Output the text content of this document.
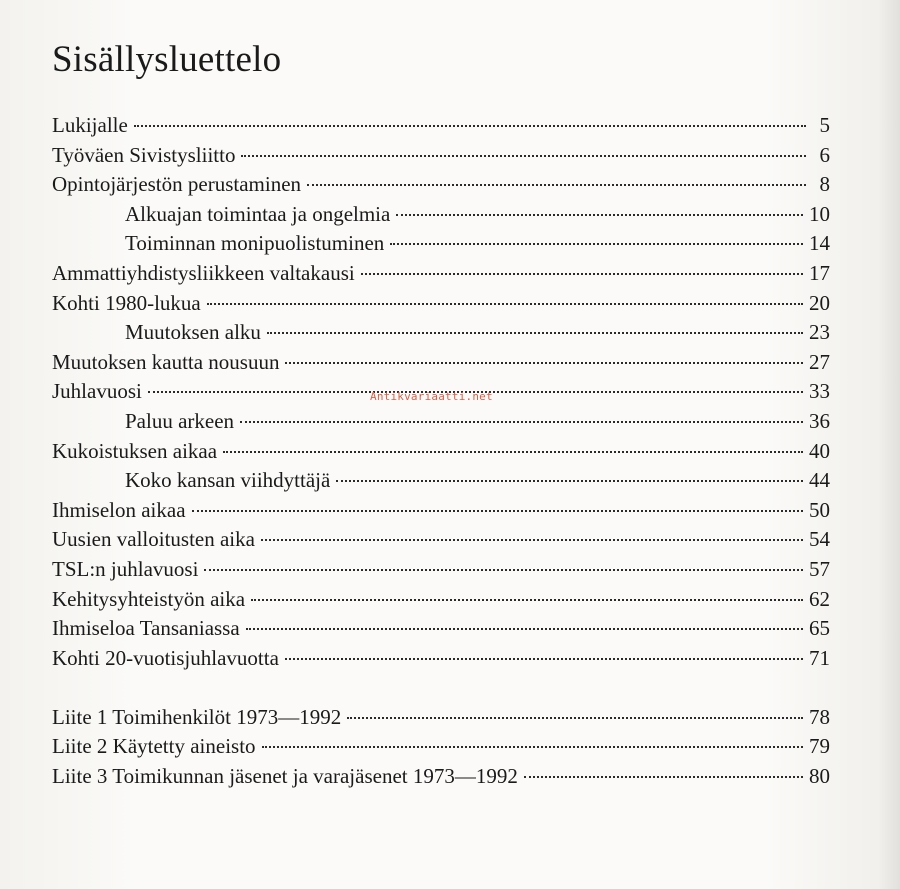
Sisällysluettelo
Lukijalle	5
Työväen Sivistysliitto	6
Opintojärjestön perustaminen	8
Alkuajan toimintaa ja ongelmia	10
Toiminnan monipuolistuminen	14
Ammattiyhdistysliikkeen valtakausi	17
Kohti 1980-lukua	20
Muutoksen alku	23
Muutoksen kautta nousuun	27
Juhlavuosi	33
Paluu arkeen	36
Kukoistuksen aikaa	40
Koko kansan viihdyttäjä	44
Ihmiselon aikaa	50
Uusien valloitusten aika	54
TSL:n juhlavuosi	57
Kehitysyhteistyön aika	62
Ihmiseloa Tansaniassa	65
Kohti 20-vuotisjuhlavuotta	71
Liite 1 Toimihenkilöt 1973—1992	78
Liite 2 Käytetty aineisto	79
Liite 3 Toimikunnan jäsenet ja varajäsenet 1973—1992	80
Antikvariaatti.net
